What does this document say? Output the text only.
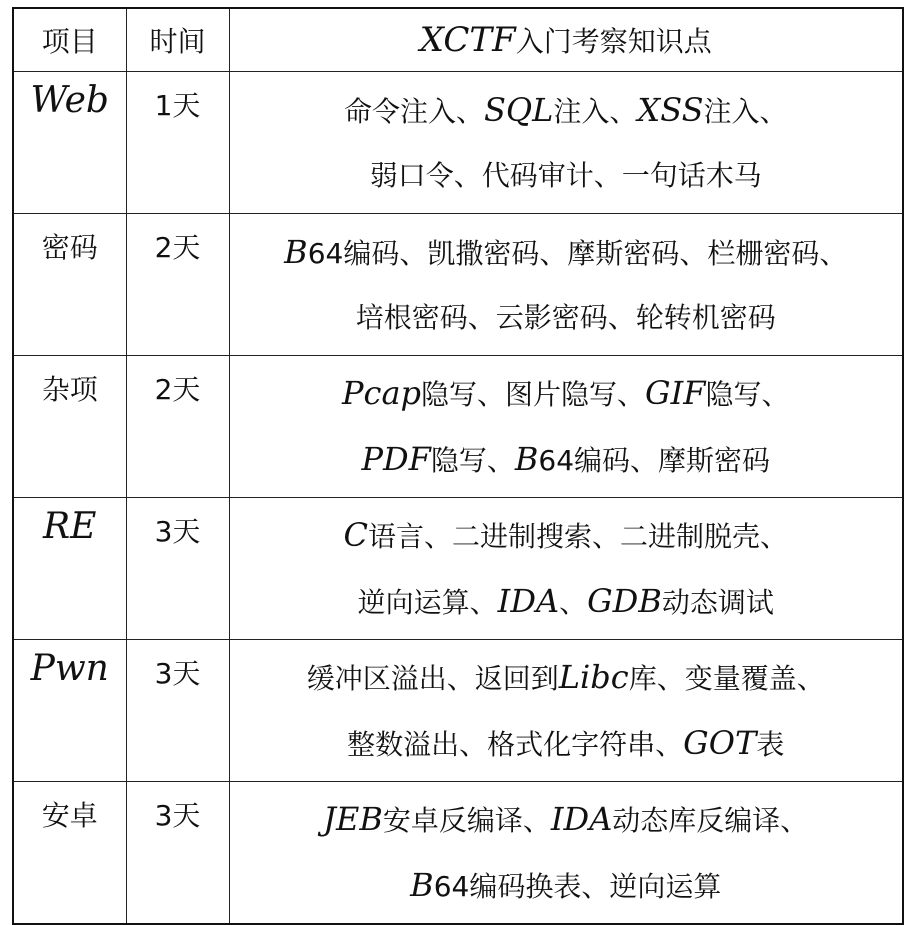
项目	时间	XCTF入门考察知识点
Web	1天	命令注入、SQL注入、XSS注入、
弱口令、代码审计、一句话木马

密码	2天	B64编码、凯撒密码、摩斯密码、栏栅密码、
培根密码、云影密码、轮转机密码

杂项	2天	Pcap隐写、图片隐写、GIF隐写、
PDF隐写、B64编码、摩斯密码

RE	3天	C语言、二进制搜索、二进制脱壳、
逆向运算、IDA、GDB动态调试

Pwn	3天	缓冲区溢出、返回到Libc库、变量覆盖、
整数溢出、格式化字符串、GOT表

安卓	3天	JEB安卓反编译、IDA动态库反编译、
B64编码换表、逆向运算
